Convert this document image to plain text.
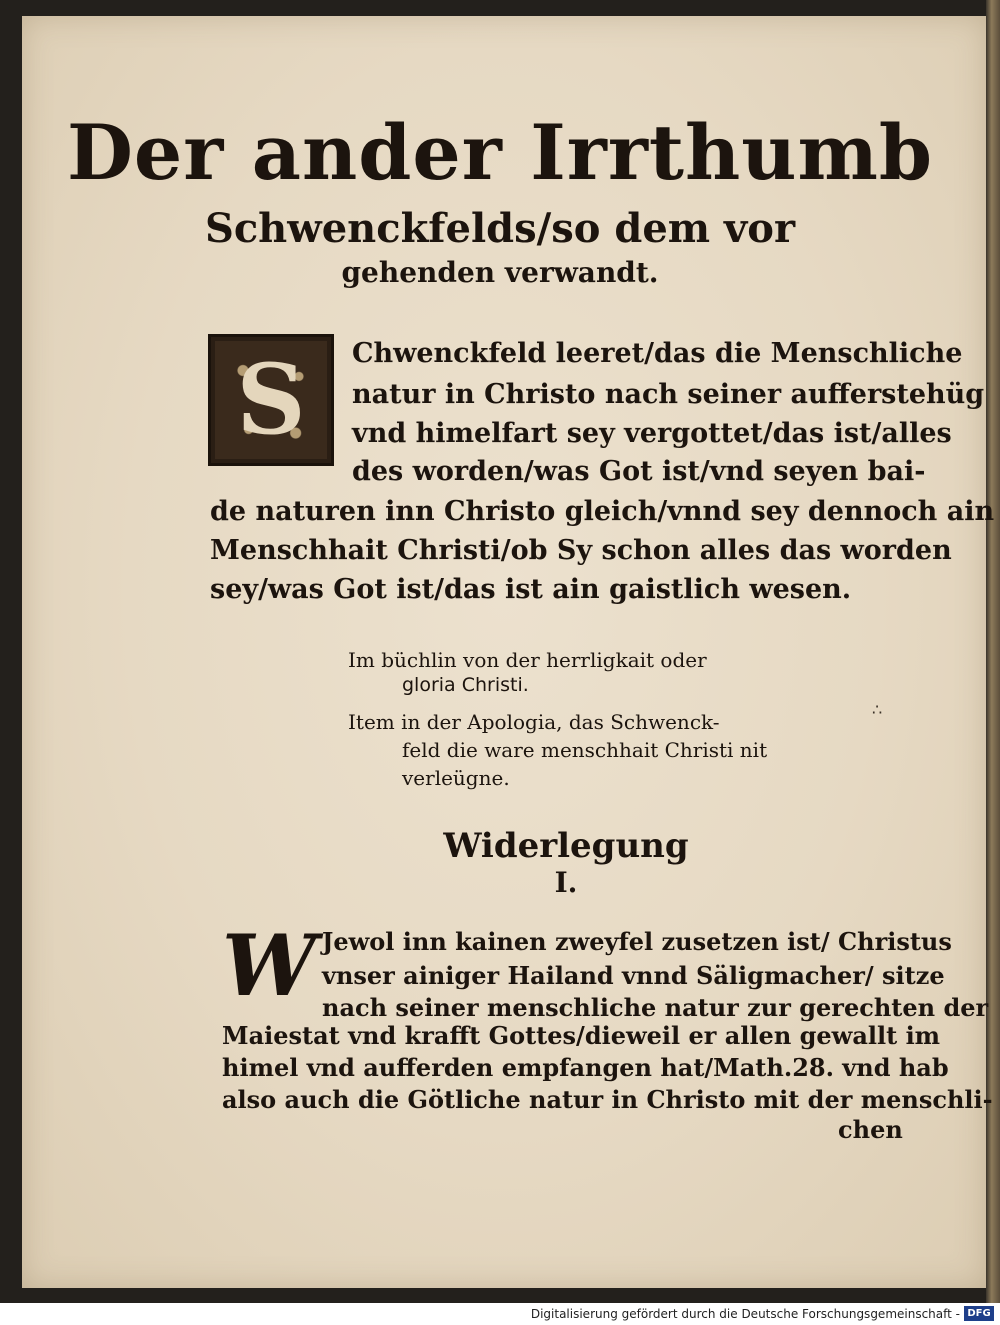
Der ander Irrthumb
Schwenckfelds/so dem vor
gehenden verwandt.
S	Chwenckfeld leeret/das die Menschliche
natur in Christo nach seiner aufferstehüg
vnd himelfart sey vergottet/das ist/alles
des worden/was Got ist/vnd seyen bai-
de naturen inn Christo gleich/vnnd sey dennoch ain
Menschhait Christi/ob Sy schon alles das worden
sey/was Got ist/das ist ain gaistlich wesen.
Im büchlin von der herrligkait oder
gloria Christi.
Item in der Apologia, das Schwenck-
feld die ware menschhait Christi nit
verleügne.
∴
Widerlegung
I.
W Jewol inn kainen zweyfel zusetzen ist/ Christus
vnser ainiger Hailand vnnd Säligmacher/ sitze
nach seiner menschliche natur zur gerechten der
Maiestat vnd krafft Gottes/dieweil er allen gewallt im
himel vnd aufferden empfangen hat/Math.28. vnd hab
also auch die Götliche natur in Christo mit der menschli-
chen
Digitalisierung gefördert durch die Deutsche Forschungsgemeinschaft - DFG
